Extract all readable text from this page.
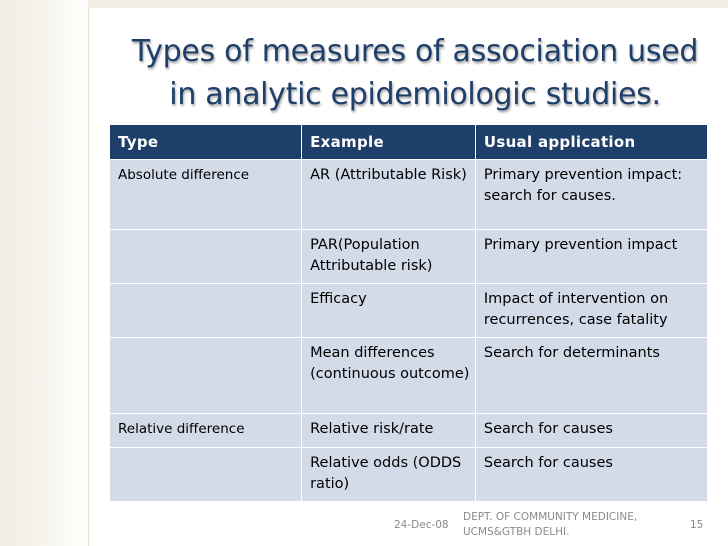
Types of measures of association used in analytic epidemiologic studies.
Type	Example	Usual application
Absolute difference	AR (Attributable Risk)	Primary prevention impact: search for causes.
	PAR(Population Attributable risk)	Primary prevention impact
	Efficacy	Impact of intervention on recurrences, case fatality
	Mean differences (continuous outcome)	Search for determinants
Relative difference	Relative risk/rate	Search for causes
	Relative odds (ODDS ratio)	Search for causes
24-Dec-08
DEPT. OF COMMUNITY MEDICINE,
UCMS&GTBH DELHI.
15
